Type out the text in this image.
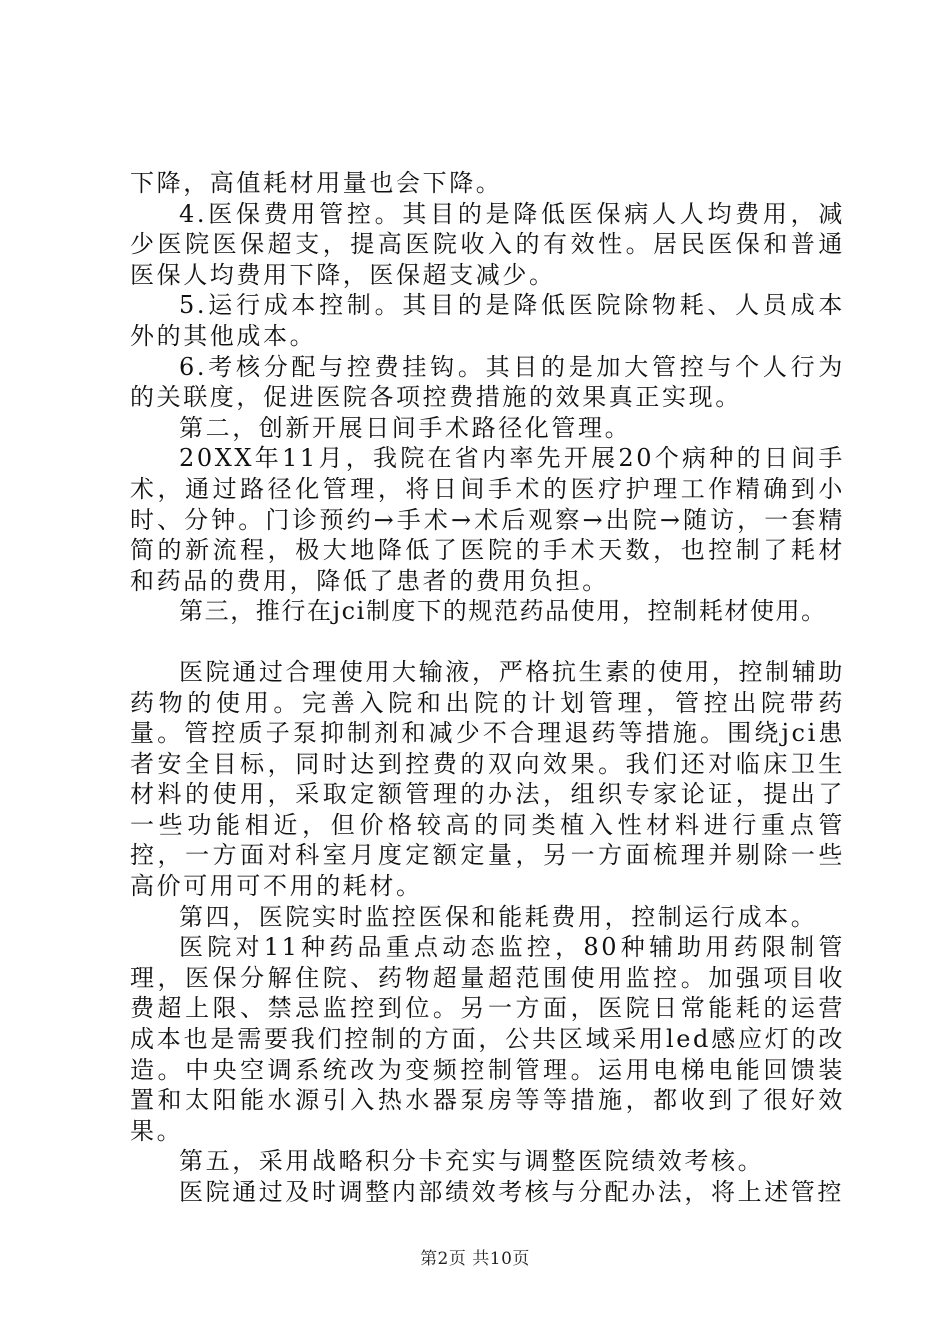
下降，高值耗材用量也会下降。

4.医保费用管控。其目的是降低医保病人人均费用，减少医院医保超支，提高医院收入的有效性。居民医保和普通医保人均费用下降，医保超支减少。

5.运行成本控制。其目的是降低医院除物耗、人员成本外的其他成本。

6.考核分配与控费挂钩。其目的是加大管控与个人行为的关联度，促进医院各项控费措施的效果真正实现。

第二，创新开展日间手术路径化管理。

20XX年11月，我院在省内率先开展20个病种的日间手术，通过路径化管理，将日间手术的医疗护理工作精确到小时、分钟。门诊预约→手术→术后观察→出院→随访，一套精简的新流程，极大地降低了医院的手术天数，也控制了耗材和药品的费用，降低了患者的费用负担。

第三，推行在jci制度下的规范药品使用，控制耗材使用。

医院通过合理使用大输液，严格抗生素的使用，控制辅助药物的使用。完善入院和出院的计划管理，管控出院带药量。管控质子泵抑制剂和减少不合理退药等措施。围绕jci患者安全目标，同时达到控费的双向效果。我们还对临床卫生材料的使用，采取定额管理的办法，组织专家论证，提出了一些功能相近，但价格较高的同类植入性材料进行重点管控，一方面对科室月度定额定量，另一方面梳理并剔除一些高价可用可不用的耗材。

第四，医院实时监控医保和能耗费用，控制运行成本。

医院对11种药品重点动态监控，80种辅助用药限制管理，医保分解住院、药物超量超范围使用监控。加强项目收费超上限、禁忌监控到位。另一方面，医院日常能耗的运营成本也是需要我们控制的方面，公共区域采用led感应灯的改造。中央空调系统改为变频控制管理。运用电梯电能回馈装置和太阳能水源引入热水器泵房等等措施，都收到了很好效果。

第五，采用战略积分卡充实与调整医院绩效考核。

医院通过及时调整内部绩效考核与分配办法，将上述管控

第2页 共10页
